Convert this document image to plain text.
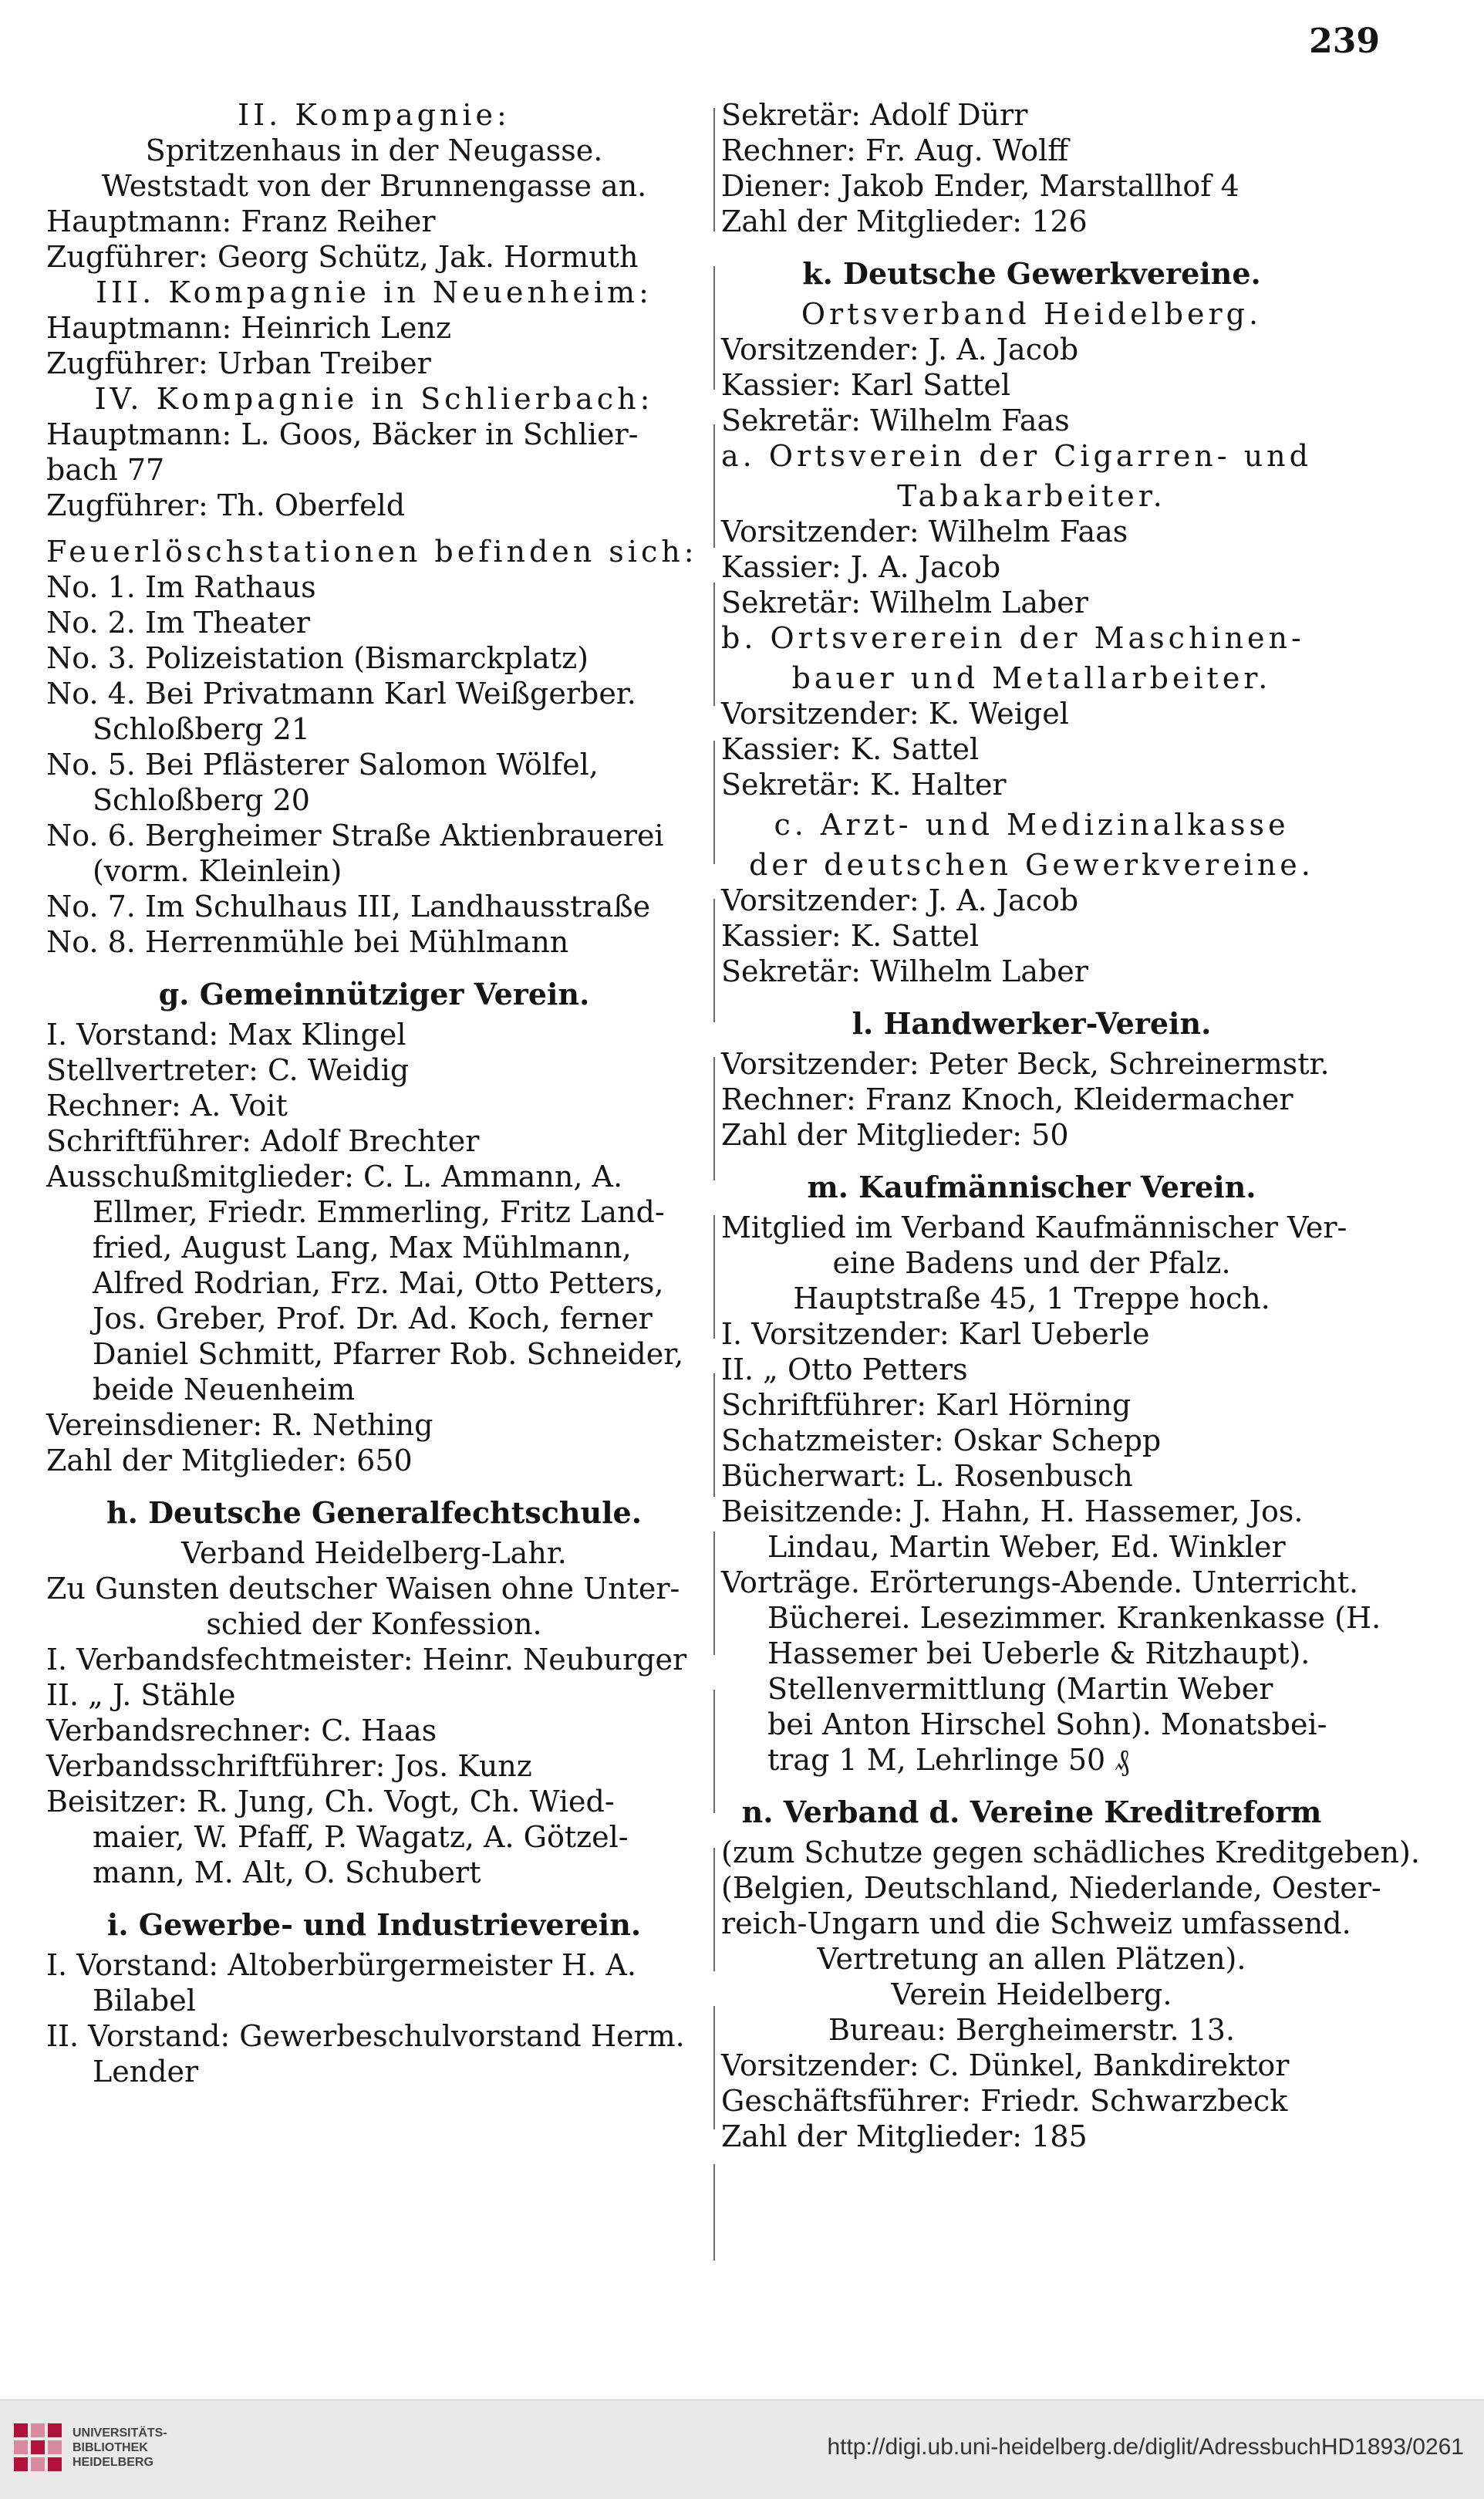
239
II. Kompagnie:
Spritzenhaus in der Neugasse.
Weststadt von der Brunnengasse an.
Hauptmann: Franz Reiher
Zugführer: Georg Schütz, Jak. Hormuth
III. Kompagnie in Neuenheim:
Hauptmann: Heinrich Lenz
Zugführer: Urban Treiber
IV. Kompagnie in Schlierbach:
Hauptmann: L. Goos, Bäcker in Schlier-
bach 77
Zugführer: Th. Oberfeld
Feuerlöschstationen befinden sich:
No. 1. Im Rathaus
No. 2. Im Theater
No. 3. Polizeistation (Bismarckplatz)
No. 4. Bei Privatmann Karl Weißgerber.
Schloßberg 21
No. 5. Bei Pflästerer Salomon Wölfel,
Schloßberg 20
No. 6. Bergheimer Straße Aktienbrauerei
(vorm. Kleinlein)
No. 7. Im Schulhaus III, Landhausstraße
No. 8. Herrenmühle bei Mühlmann
g. Gemeinnütziger Verein.
I. Vorstand: Max Klingel
Stellvertreter: C. Weidig
Rechner: A. Voit
Schriftführer: Adolf Brechter
Ausschußmitglieder: C. L. Ammann, A.
Ellmer, Friedr. Emmerling, Fritz Land-
fried, August Lang, Max Mühlmann,
Alfred Rodrian, Frz. Mai, Otto Petters,
Jos. Greber, Prof. Dr. Ad. Koch, ferner
Daniel Schmitt, Pfarrer Rob. Schneider,
beide Neuenheim
Vereinsdiener: R. Nething
Zahl der Mitglieder: 650
h. Deutsche Generalfechtschule.
Verband Heidelberg-Lahr.
Zu Gunsten deutscher Waisen ohne Unter-
schied der Konfession.
I. Verbandsfechtmeister: Heinr. Neuburger
II. „ J. Stähle
Verbandsrechner: C. Haas
Verbandsschriftführer: Jos. Kunz
Beisitzer: R. Jung, Ch. Vogt, Ch. Wied-
maier, W. Pfaff, P. Wagatz, A. Götzel-
mann, M. Alt, O. Schubert
i. Gewerbe- und Industrieverein.
I. Vorstand: Altoberbürgermeister H. A.
Bilabel
II. Vorstand: Gewerbeschulvorstand Herm.
Lender
Sekretär: Adolf Dürr
Rechner: Fr. Aug. Wolff
Diener: Jakob Ender, Marstallhof 4
Zahl der Mitglieder: 126
k. Deutsche Gewerkvereine.
Ortsverband Heidelberg.
Vorsitzender: J. A. Jacob
Kassier: Karl Sattel
Sekretär: Wilhelm Faas
a. Ortsverein der Cigarren- und
Tabakarbeiter.
Vorsitzender: Wilhelm Faas
Kassier: J. A. Jacob
Sekretär: Wilhelm Laber
b. Ortsvererein der Maschinen-
bauer und Metallarbeiter.
Vorsitzender: K. Weigel
Kassier: K. Sattel
Sekretär: K. Halter
c. Arzt- und Medizinalkasse
der deutschen Gewerkvereine.
Vorsitzender: J. A. Jacob
Kassier: K. Sattel
Sekretär: Wilhelm Laber
l. Handwerker-Verein.
Vorsitzender: Peter Beck, Schreinermstr.
Rechner: Franz Knoch, Kleidermacher
Zahl der Mitglieder: 50
m. Kaufmännischer Verein.
Mitglied im Verband Kaufmännischer Ver-
eine Badens und der Pfalz.
Hauptstraße 45, 1 Treppe hoch.
I. Vorsitzender: Karl Ueberle
II. „ Otto Petters
Schriftführer: Karl Hörning
Schatzmeister: Oskar Schepp
Bücherwart: L. Rosenbusch
Beisitzende: J. Hahn, H. Hassemer, Jos.
Lindau, Martin Weber, Ed. Winkler
Vorträge. Erörterungs-Abende. Unterricht.
Bücherei. Lesezimmer. Krankenkasse (H.
Hassemer bei Ueberle & Ritzhaupt).
Stellenvermittlung (Martin Weber
bei Anton Hirschel Sohn). Monatsbei-
trag 1 M, Lehrlinge 50 ₰
n. Verband d. Vereine Kreditreform
(zum Schutze gegen schädliches Kreditgeben).
(Belgien, Deutschland, Niederlande, Oester-
reich-Ungarn und die Schweiz umfassend.
Vertretung an allen Plätzen).
Verein Heidelberg.
Bureau: Bergheimerstr. 13.
Vorsitzender: C. Dünkel, Bankdirektor
Geschäftsführer: Friedr. Schwarzbeck
Zahl der Mitglieder: 185
UNIVERSITÄTS-
BIBLIOTHEK
HEIDELBERG
http://digi.ub.uni-heidelberg.de/diglit/AdressbuchHD1893/0261
